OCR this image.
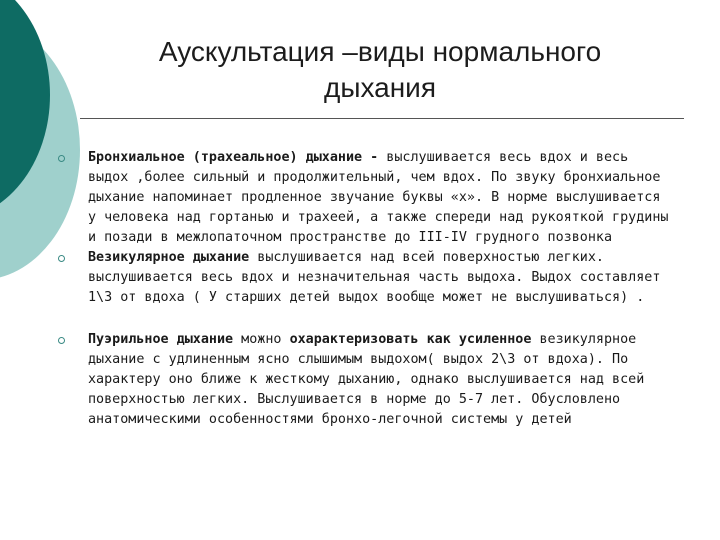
Аускультация –виды нормального
дыхания
Бронхиальное (трахеальное) дыхание - выслушивается весь вдох и весь выдох ,более сильный и продолжительный, чем вдох. По звуку бронхиальное дыхание напоминает продленное звучание буквы «х». В норме выслушивается у человека над гортанью и трахеей, а также спереди над рукояткой грудины и позади в межлопаточном пространстве до III-IV грудного позвонка
Везикулярное дыхание выслушивается над всей поверхностью легких. выслушивается весь вдох и незначительная часть выдоха. Выдох составляет 1\3 от вдоха ( У старших детей выдох вообще может не выслушиваться) .
Пуэрильное дыхание можно охарактеризовать как усиленное везикулярное дыхание с удлиненным ясно слышимым выдохом( выдох 2\3 от вдоха). По характеру оно ближе к жесткому дыханию, однако выслушивается над всей поверхностью легких. Выслушивается в норме до 5-7 лет. Обусловлено анатомическими особенностями бронхо-легочной системы у детей
